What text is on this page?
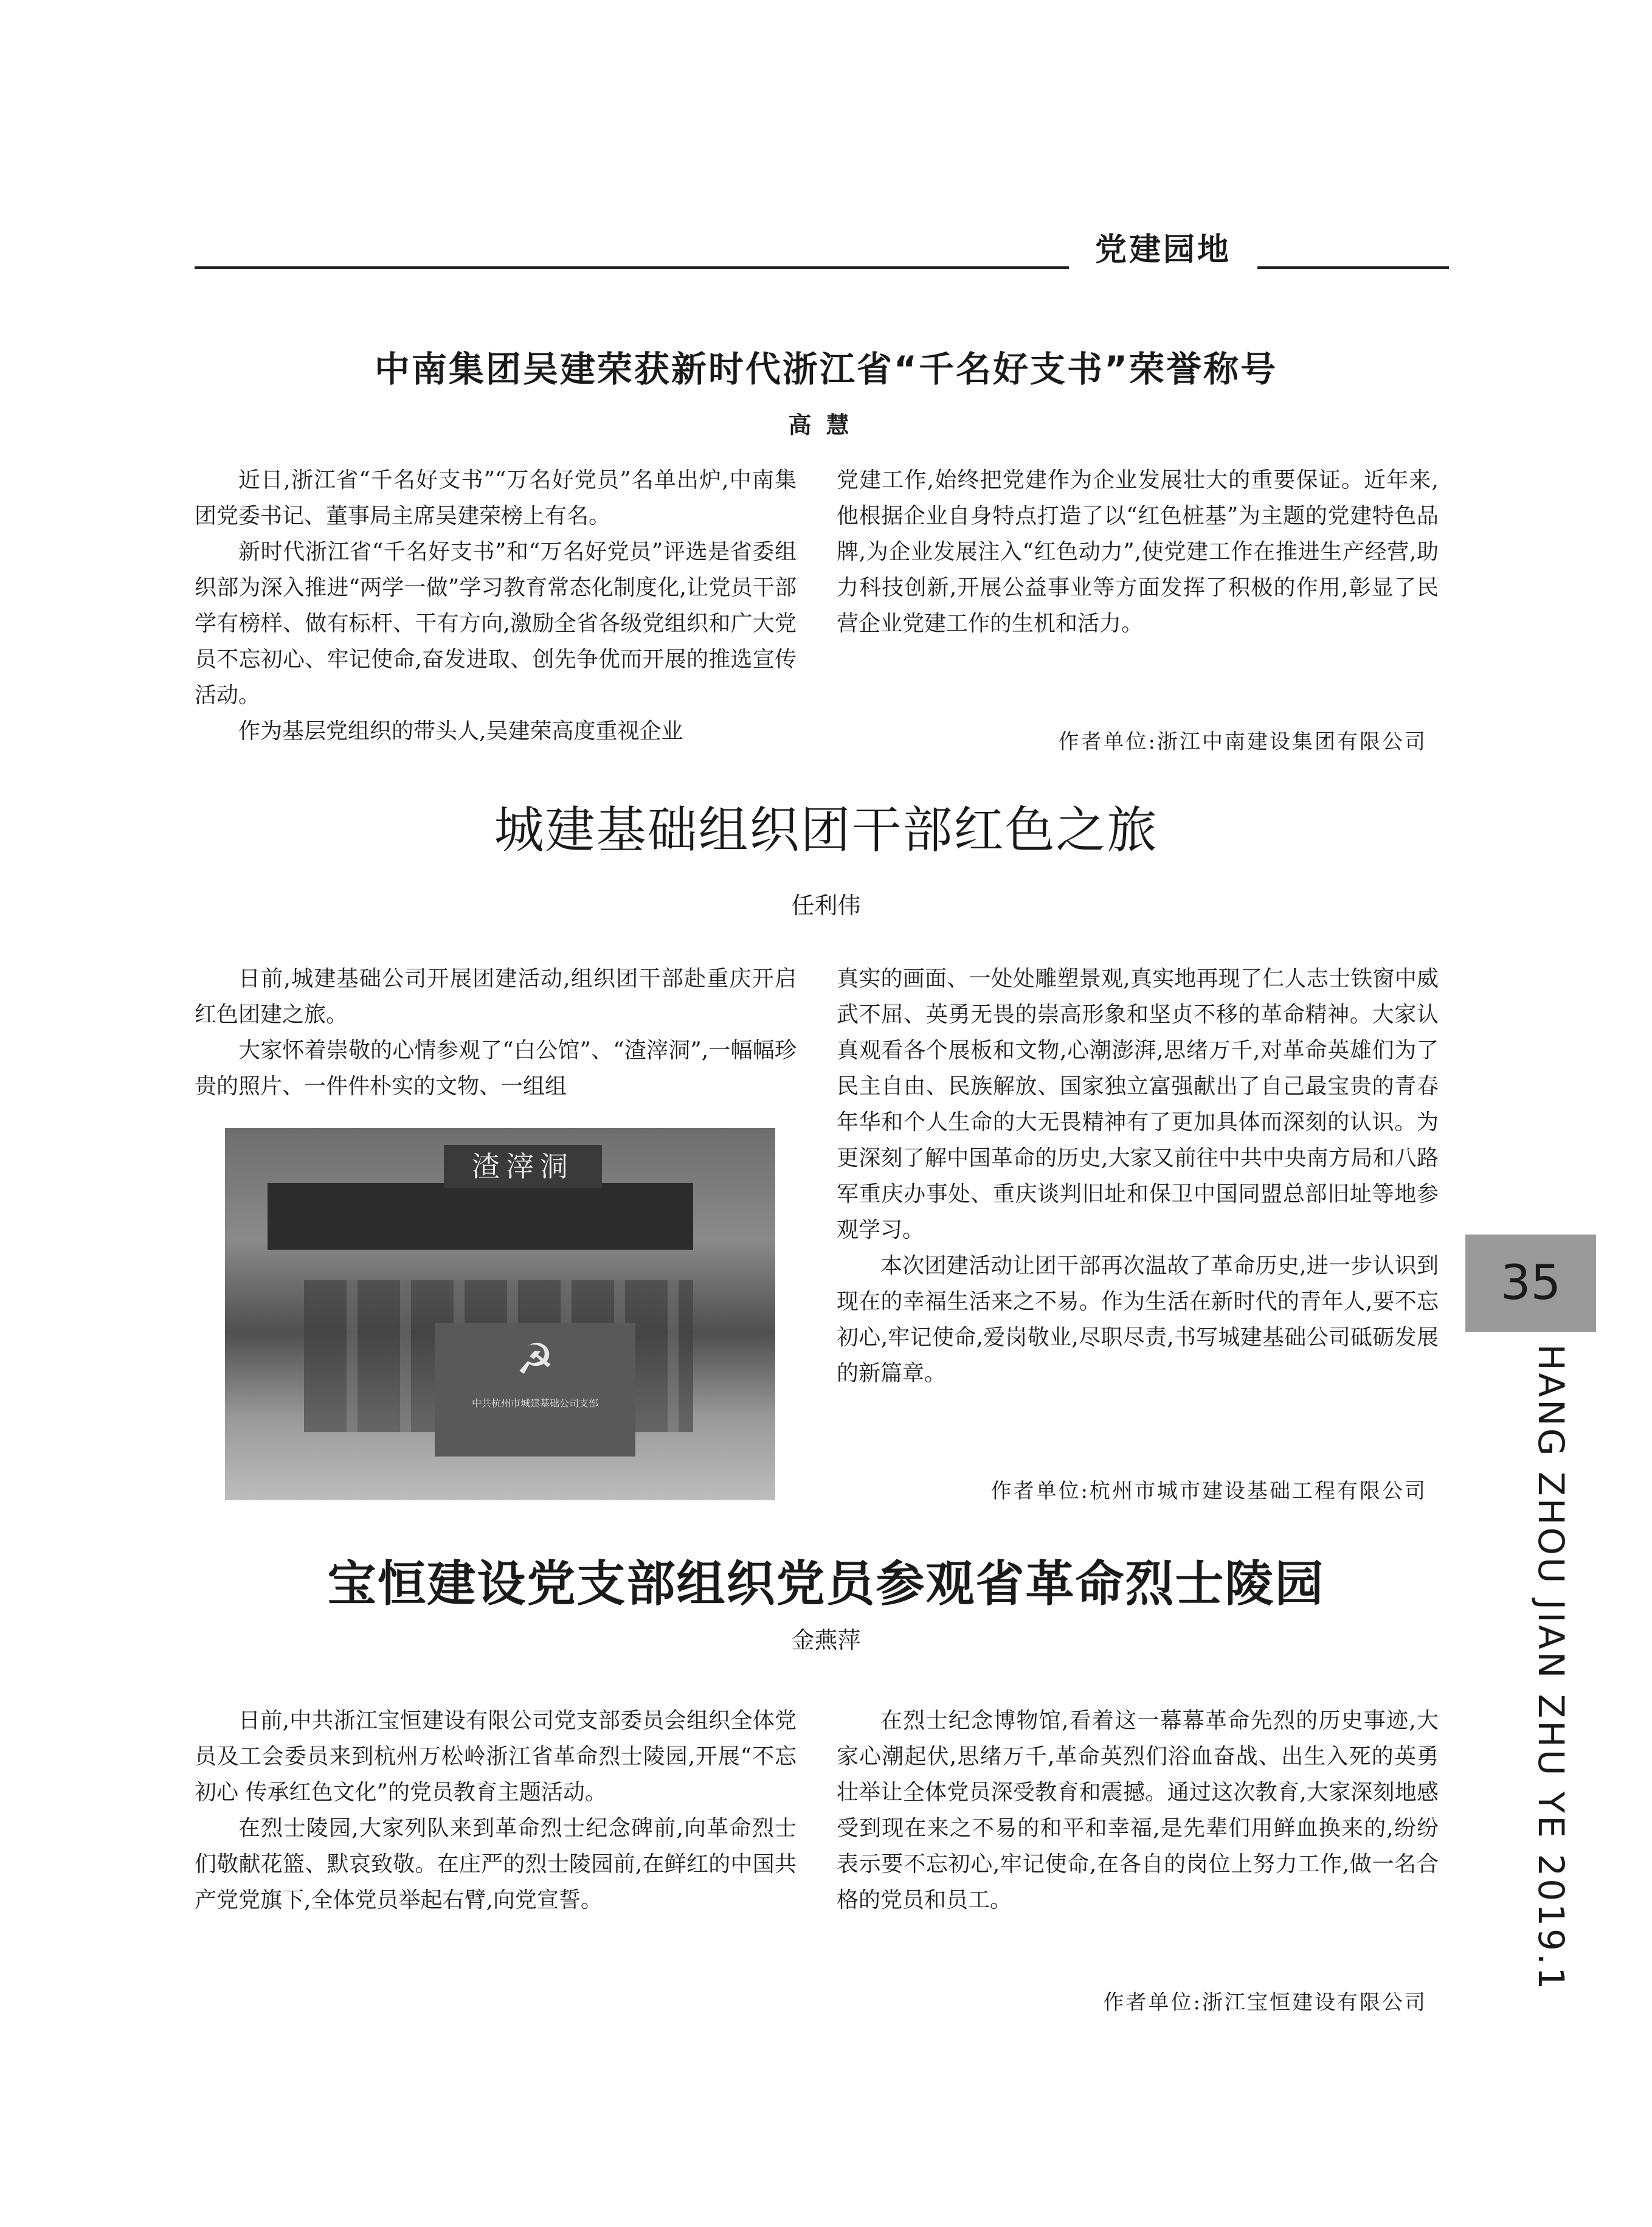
党建园地
中南集团吴建荣获新时代浙江省“千名好支书”荣誉称号
高慧

近日,浙江省“千名好支书”“万名好党员”名单出炉,中南集团党委书记、董事局主席吴建荣榜上有名。

新时代浙江省“千名好支书”和“万名好党员”评选是省委组织部为深入推进“两学一做”学习教育常态化制度化,让党员干部学有榜样、做有标杆、干有方向,激励全省各级党组织和广大党员不忘初心、牢记使命,奋发进取、创先争优而开展的推选宣传活动。

作为基层党组织的带头人,吴建荣高度重视企业

党建工作,始终把党建作为企业发展壮大的重要保证。近年来,他根据企业自身特点打造了以“红色桩基”为主题的党建特色品牌,为企业发展注入“红色动力”,使党建工作在推进生产经营,助力科技创新,开展公益事业等方面发挥了积极的作用,彰显了民营企业党建工作的生机和活力。

作者单位:浙江中南建设集团有限公司
城建基础组织团干部红色之旅
任利伟

日前,城建基础公司开展团建活动,组织团干部赴重庆开启红色团建之旅。

大家怀着崇敬的心情参观了“白公馆”、“渣滓洞”,一幅幅珍贵的照片、一件件朴实的文物、一组组

渣滓洞
☭
中共杭州市城建基础公司支部

真实的画面、一处处雕塑景观,真实地再现了仁人志士铁窗中威武不屈、英勇无畏的崇高形象和坚贞不移的革命精神。大家认真观看各个展板和文物,心潮澎湃,思绪万千,对革命英雄们为了民主自由、民族解放、国家独立富强献出了自己最宝贵的青春年华和个人生命的大无畏精神有了更加具体而深刻的认识。为更深刻了解中国革命的历史,大家又前往中共中央南方局和八路军重庆办事处、重庆谈判旧址和保卫中国同盟总部旧址等地参观学习。

本次团建活动让团干部再次温故了革命历史,进一步认识到现在的幸福生活来之不易。作为生活在新时代的青年人,要不忘初心,牢记使命,爱岗敬业,尽职尽责,书写城建基础公司砥砺发展的新篇章。

作者单位:杭州市城市建设基础工程有限公司
宝恒建设党支部组织党员参观省革命烈士陵园
金燕萍

日前,中共浙江宝恒建设有限公司党支部委员会组织全体党员及工会委员来到杭州万松岭浙江省革命烈士陵园,开展“不忘初心 传承红色文化”的党员教育主题活动。

在烈士陵园,大家列队来到革命烈士纪念碑前,向革命烈士们敬献花篮、默哀致敬。在庄严的烈士陵园前,在鲜红的中国共产党党旗下,全体党员举起右臂,向党宣誓。

在烈士纪念博物馆,看着这一幕幕革命先烈的历史事迹,大家心潮起伏,思绪万千,革命英烈们浴血奋战、出生入死的英勇壮举让全体党员深受教育和震撼。通过这次教育,大家深刻地感受到现在来之不易的和平和幸福,是先辈们用鲜血换来的,纷纷表示要不忘初心,牢记使命,在各自的岗位上努力工作,做一名合格的党员和员工。

作者单位:浙江宝恒建设有限公司
35
HANG ZHOU JIAN ZHU YE 2019.1
